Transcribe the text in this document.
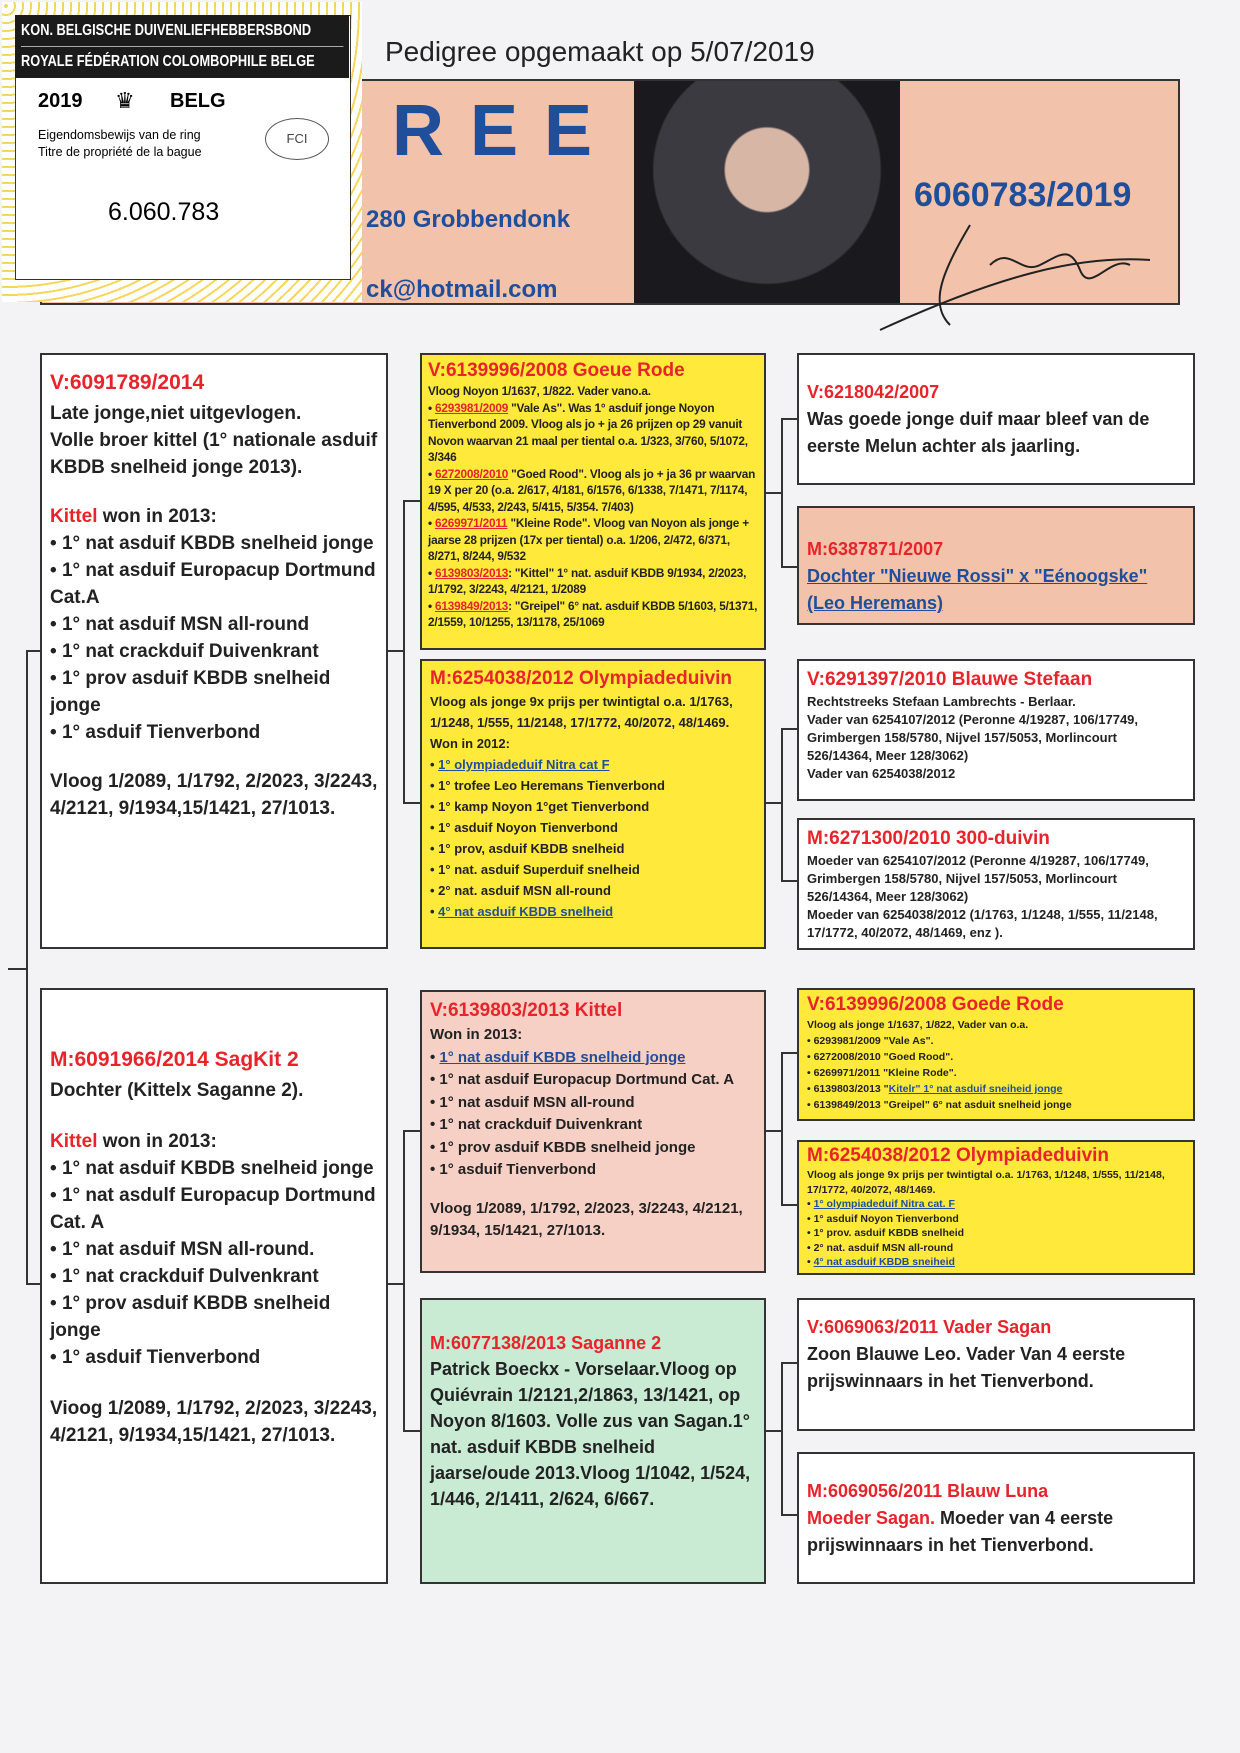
Pedigree opgemaakt op 5/07/2019
REE
280 Grobbendonk
ck@hotmail.com
6060783/2019
KON. BELGISCHE DUIVENLIEFHEBBERSBOND
ROYALE FÉDÉRATION COLOMBOPHILE BELGE
2019 ♛ BELG
Eigendomsbewijs van de ring
Titre de propriété de la bague
FCI
6.060.783
V:6091789/2014

Late jonge,niet uitgevlogen.

Volle broer kittel (1° nationale asduif KBDB snelheid jonge 2013).

Kittel won in 2013:

• 1° nat asduif KBDB snelheid jonge

• 1° nat asduif Europacup Dortmund Cat.A

• 1° nat asduif MSN all-round

• 1° nat crackduif Duivenkrant

• 1° prov asduif KBDB snelheid jonge

• 1° asduif Tienverbond

Vloog 1/2089, 1/1792, 2/2023, 3/2243, 4/2121, 9/1934,15/1421, 27/1013.

M:6091966/2014 SagKit 2

Dochter (Kittelx Saganne 2).

Kittel won in 2013:

• 1° nat asduif KBDB snelheid jonge

• 1° nat asdulf Europacup Dortmund Cat. A

• 1° nat asduif MSN all-round.

• 1° nat crackduif Dulvenkrant

• 1° prov asduif KBDB snelheid jonge

• 1° asduif Tienverbond

Vioog 1/2089, 1/1792, 2/2023, 3/2243, 4/2121, 9/1934,15/1421, 27/1013.

V:6139996/2008 Goeue Rode

Vloog Noyon 1/1637, 1/822. Vader vano.a.

• 6293981/2009 "Vale As". Was 1° asduif jonge Noyon Tienverbond 2009. Vloog als jo + ja 26 prijzen op 29 vanuit Novon waarvan 21 maal per tiental o.a. 1/323, 3/760, 5/1072, 3/346

• 6272008/2010 "Goed Rood". Vloog als jo + ja 36 pr waarvan 19 X per 20 (o.a. 2/617, 4/181, 6/1576, 6/1338, 7/1471, 7/1174, 4/595, 4/533, 2/243, 5/415, 5/354. 7/403)

• 6269971/2011 "Kleine Rode". Vloog van Noyon als jonge + jaarse 28 prijzen (17x per tiental) o.a. 1/206, 2/472, 6/371, 8/271, 8/244, 9/532

• 6139803/2013: "Kittel" 1° nat. asduif KBDB 9/1934, 2/2023, 1/1792, 3/2243, 4/2121, 1/2089

• 6139849/2013: "Greipel" 6° nat. asduif KBDB 5/1603, 5/1371, 2/1559, 10/1255, 13/1178, 25/1069

M:6254038/2012 Olympiadeduivin

Vloog als jonge 9x prijs per twintigtal o.a. 1/1763, 1/1248, 1/555, 11/2148, 17/1772, 40/2072, 48/1469. Won in 2012:

• 1° olympiadeduif Nitra cat F

• 1° trofee Leo Heremans Tienverbond

• 1° kamp Noyon 1°get Tienverbond

• 1° asduif Noyon Tienverbond

• 1° prov, asduif KBDB snelheid

• 1° nat. asduif Superduif snelheid

• 2° nat. asduif MSN all-round

• 4° nat asduif KBDB snelheid

V:6139803/2013 Kittel

Won in 2013:

• 1° nat asduif KBDB snelheid jonge

• 1° nat asduif Europacup Dortmund Cat. A

• 1° nat asduif MSN all-round

• 1° nat crackduif Duivenkrant

• 1° prov asduif KBDB snelheid jonge

• 1° asduif Tienverbond

Vloog 1/2089, 1/1792, 2/2023, 3/2243, 4/2121, 9/1934, 15/1421, 27/1013.

M:6077138/2013 Saganne 2

Patrick Boeckx - Vorselaar.Vloog op Quiévrain 1/2121,2/1863, 13/1421, op Noyon 8/1603. Volle zus van Sagan.1° nat. asduif KBDB snelheid jaarse/oude 2013.Vloog 1/1042, 1/524, 1/446, 2/1411, 2/624, 6/667.

V:6218042/2007

Was goede jonge duif maar bleef van de eerste Melun achter als jaarling.

M:6387871/2007

Dochter "Nieuwe Rossi" x "Eénoogske" (Leo Heremans)

V:6291397/2010 Blauwe Stefaan

Rechtstreeks Stefaan Lambrechts - Berlaar.

Vader van 6254107/2012 (Peronne 4/19287, 106/17749, Grimbergen 158/5780, Nijvel 157/5053, Morlincourt 526/14364, Meer 128/3062)

Vader van 6254038/2012

M:6271300/2010 300-duivin

Moeder van 6254107/2012 (Peronne 4/19287, 106/17749, Grimbergen 158/5780, Nijvel 157/5053, Morlincourt 526/14364, Meer 128/3062)

Moeder van 6254038/2012 (1/1763, 1/1248, 1/555, 11/2148, 17/1772, 40/2072, 48/1469, enz ).

V:6139996/2008 Goede Rode

Vloog als jonge 1/1637, 1/822, Vader van o.a.

• 6293981/2009 "Vale As".

• 6272008/2010 "Goed Rood".

• 6269971/2011 "Kleine Rode".

• 6139803/2013 "Kitelr" 1° nat asduif sneiheid jonge

• 6139849/2013 "Greipel" 6° nat asduit snelheid jonge

M:6254038/2012 Olympiadeduivin

Vloog als jonge 9x prijs per twintigtal o.a. 1/1763, 1/1248, 1/555, 11/2148, 17/1772, 40/2072, 48/1469.

• 1° olympiadeduif Nitra cat. F

• 1° asduif Noyon Tienverbond

• 1° prov. asduif KBDB snelheid

• 2° nat. asduif MSN all-round

• 4° nat asduif KBDB sneiheid

V:6069063/2011 Vader Sagan

Zoon Blauwe Leo. Vader Van 4 eerste prijswinnaars in het Tienverbond.

M:6069056/2011 Blauw Luna

Moeder Sagan. Moeder van 4 eerste prijswinnaars in het Tienverbond.
